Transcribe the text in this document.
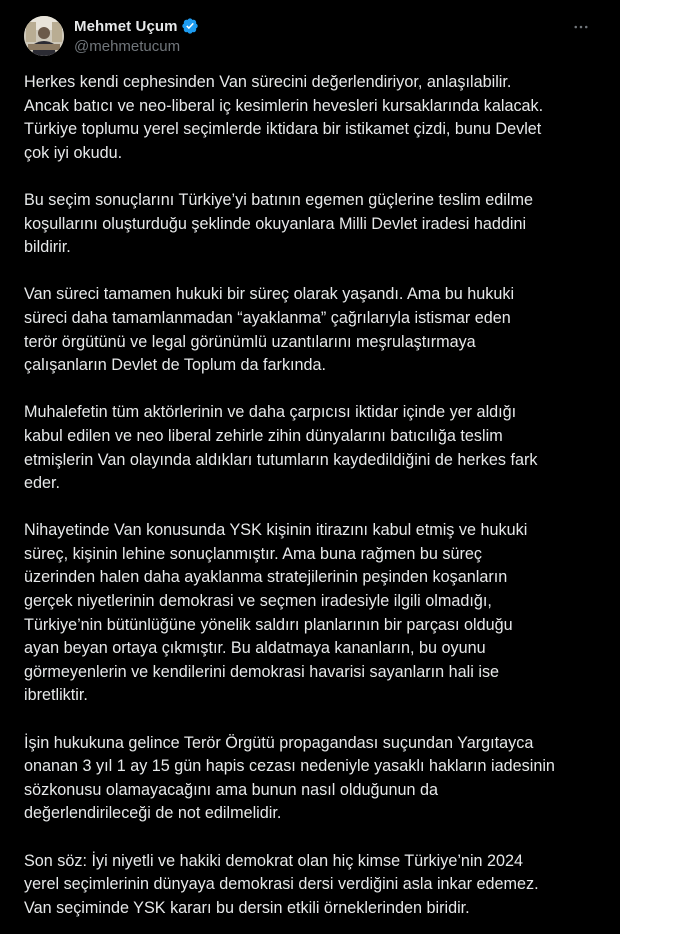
Mehmet Uçum
@mehmetucum

Herkes kendi cephesinden Van sürecini değerlendiriyor, anlaşılabilir.
Ancak batıcı ve neo-liberal iç kesimlerin hevesleri kursaklarında kalacak.
Türkiye toplumu yerel seçimlerde iktidara bir istikamet çizdi, bunu Devlet
çok iyi okudu.

Bu seçim sonuçlarını Türkiye’yi batının egemen güçlerine teslim edilme
koşullarını oluşturduğu şeklinde okuyanlara Milli Devlet iradesi haddini
bildirir.

Van süreci tamamen hukuki bir süreç olarak yaşandı. Ama bu hukuki
süreci daha tamamlanmadan “ayaklanma” çağrılarıyla istismar eden
terör örgütünü ve legal görünümlü uzantılarını meşrulaştırmaya
çalışanların Devlet de Toplum da farkında.

Muhalefetin tüm aktörlerinin ve daha çarpıcısı iktidar içinde yer aldığı
kabul edilen ve neo liberal zehirle zihin dünyalarını batıcılığa teslim
etmişlerin Van olayında aldıkları tutumların kaydedildiğini de herkes fark
eder.

Nihayetinde Van konusunda YSK kişinin itirazını kabul etmiş ve hukuki
süreç, kişinin lehine sonuçlanmıştır. Ama buna rağmen bu süreç
üzerinden halen daha ayaklanma stratejilerinin peşinden koşanların
gerçek niyetlerinin demokrasi ve seçmen iradesiyle ilgili olmadığı,
Türkiye’nin bütünlüğüne yönelik saldırı planlarının bir parçası olduğu
ayan beyan ortaya çıkmıştır. Bu aldatmaya kananların, bu oyunu
görmeyenlerin ve kendilerini demokrasi havarisi sayanların hali ise
ibretliktir.

İşin hukukuna gelince Terör Örgütü propagandası suçundan Yargıtayca
onanan 3 yıl 1 ay 15 gün hapis cezası nedeniyle yasaklı hakların iadesinin
sözkonusu olamayacağını ama bunun nasıl olduğunun da
değerlendirileceği de not edilmelidir.

Son söz: İyi niyetli ve hakiki demokrat olan hiç kimse Türkiye’nin 2024
yerel seçimlerinin dünyaya demokrasi dersi verdiğini asla inkar edemez.
Van seçiminde YSK kararı bu dersin etkili örneklerinden biridir.
